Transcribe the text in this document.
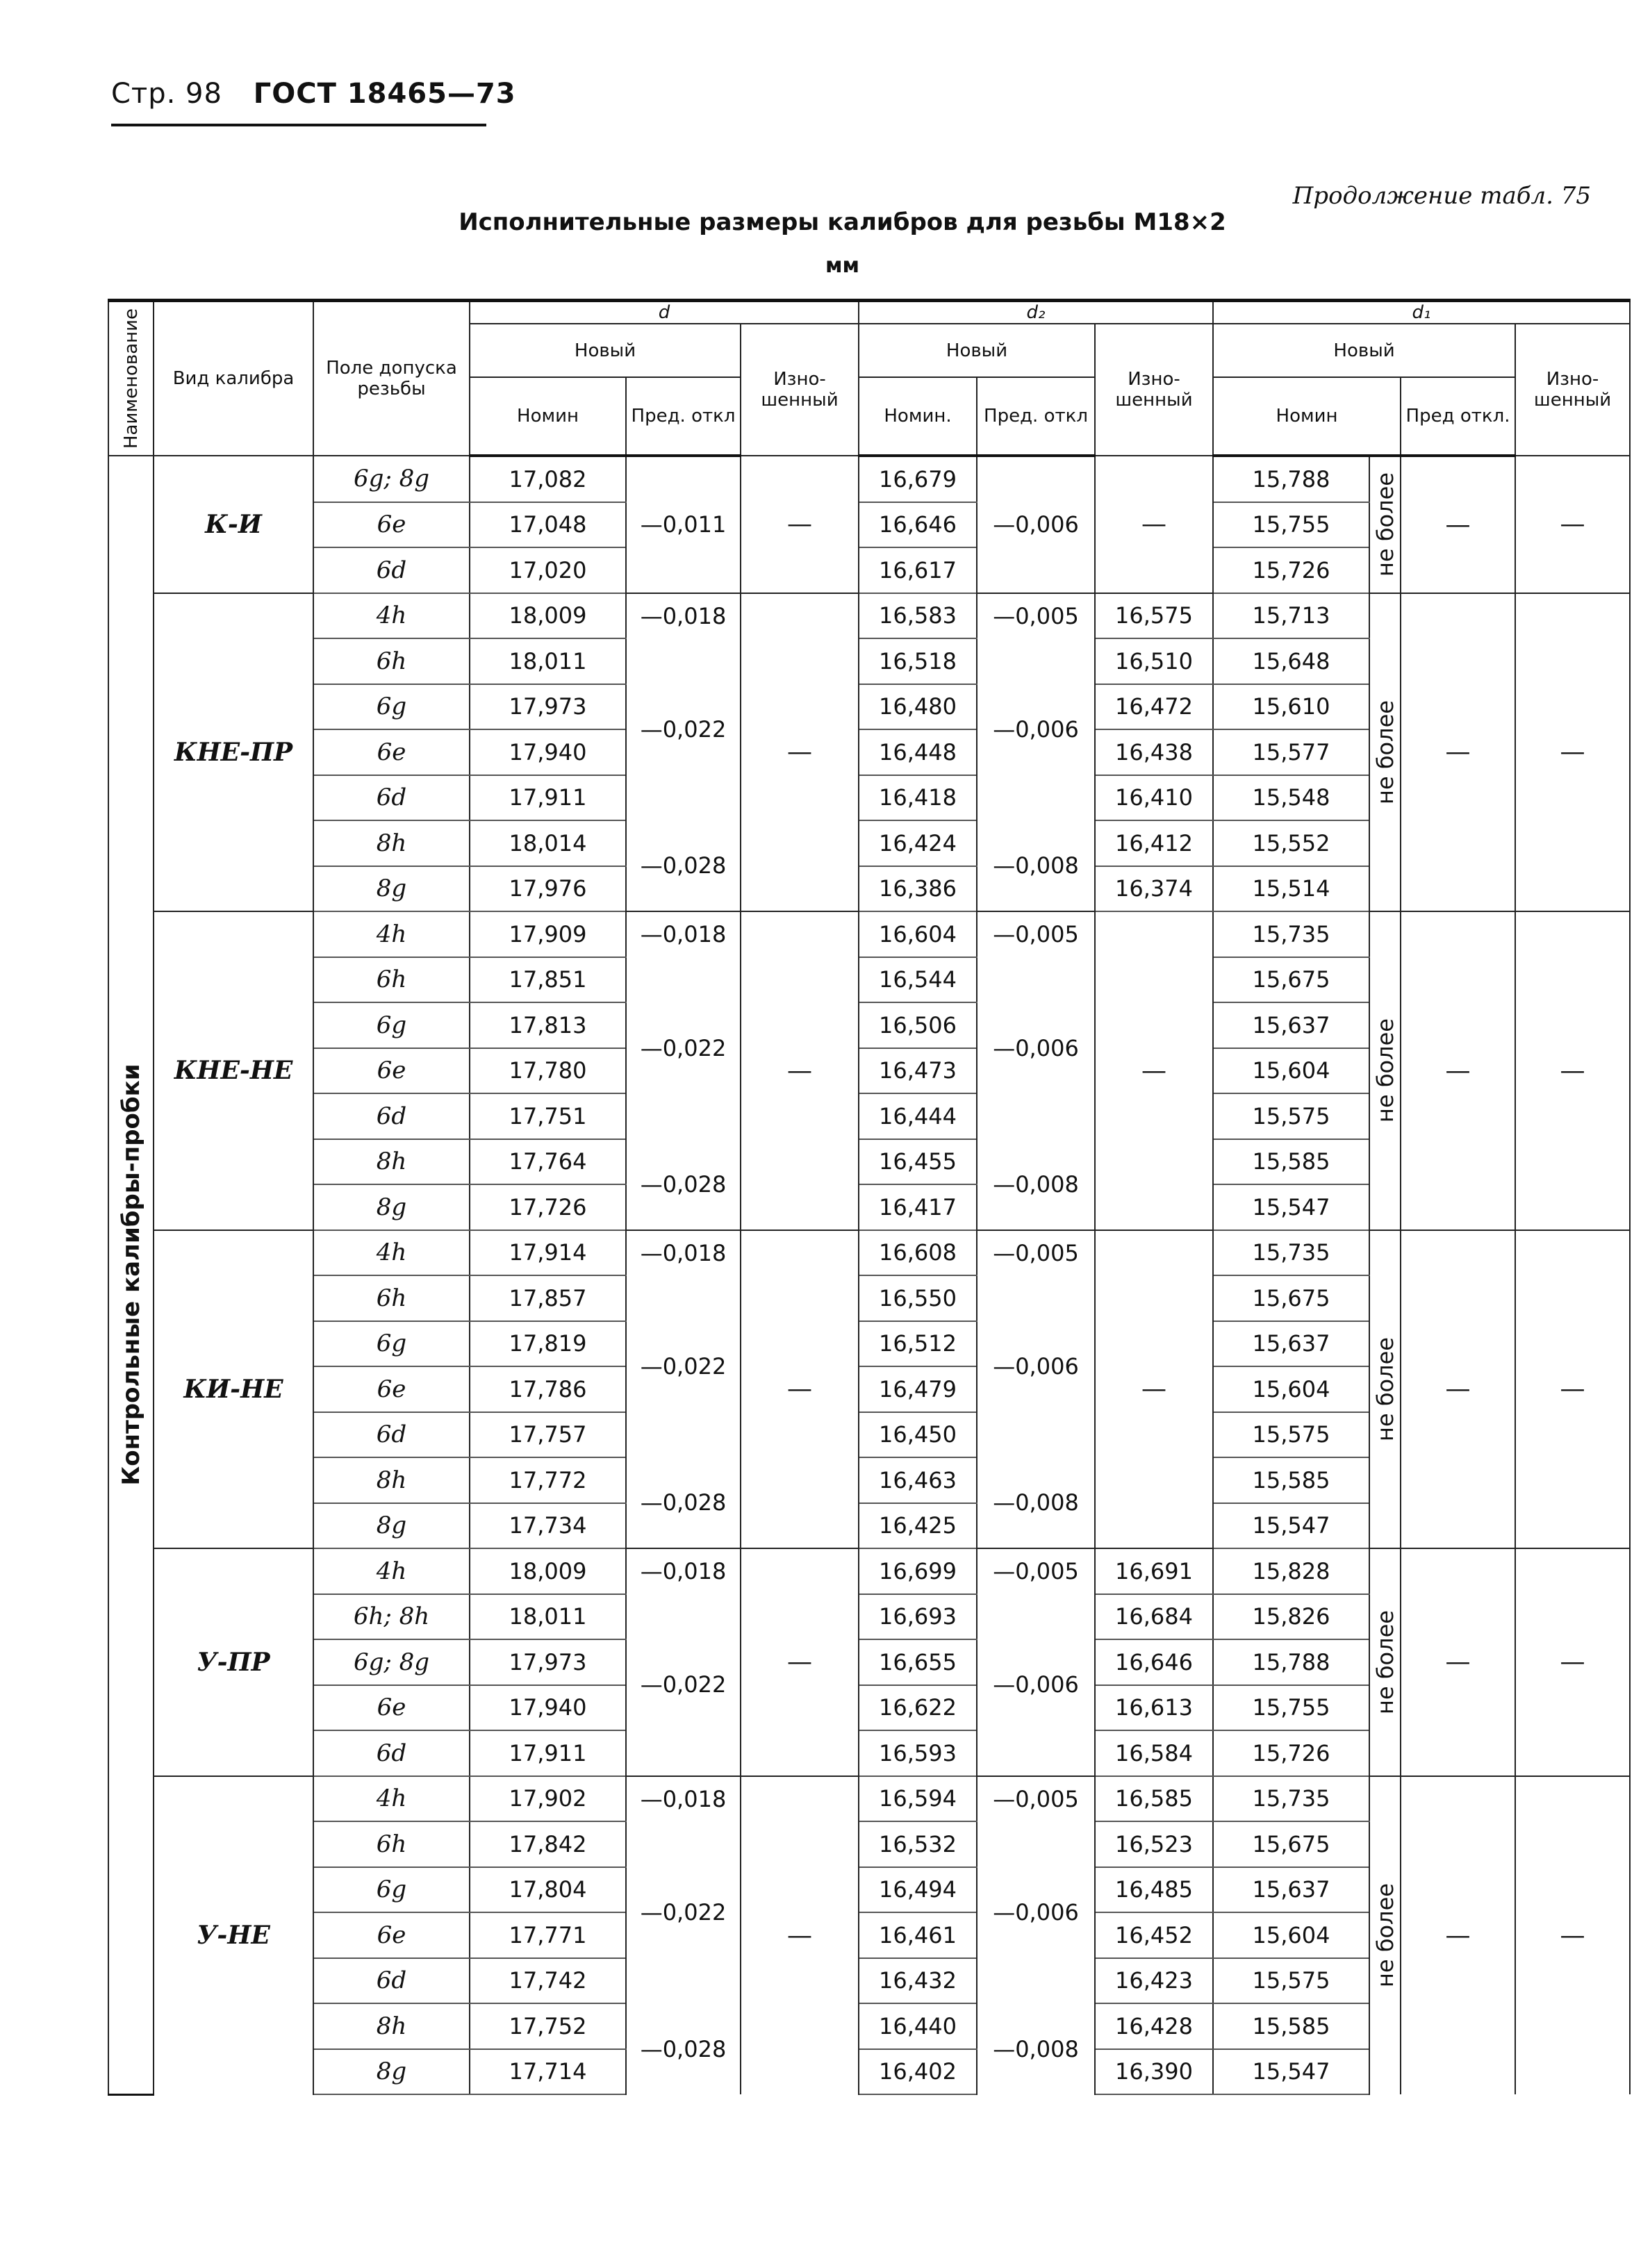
Стр. 98 ГОСТ 18465—73
Продолжение табл. 75
Исполнительные размеры калибров для резьбы М18×2
мм
Наименование	Вид калибра	Поле допуска резьбы	d			d₂			d₁			
			Новый		Изно-шенный	Новый		Изно-шенный	Новый			Изно-шенный
			Номин	Пред. откл		Номин.	Пред. откл		Номин		Пред откл.	

Контрольные калибры-пробки	К-И	6g; 8g	17,082	—0,011	—	16,679	—0,006	—	15,788	не более	—	—
		6e	17,048			16,646			15,755			
		6d	17,020			16,617			15,726			
	КНЕ-ПР	4h	18,009	—0,018	—	16,583	—0,005	16,575	15,713	не более	—	—
		6h	18,011	—0,022		16,518	—0,006	16,510	15,648			
		6g	17,973			16,480		16,472	15,610			
		6e	17,940			16,448		16,438	15,577			
		6d	17,911			16,418		16,410	15,548			
		8h	18,014	—0,028		16,424	—0,008	16,412	15,552			
		8g	17,976			16,386		16,374	15,514			
	КНЕ-НЕ	4h	17,909	—0,018	—	16,604	—0,005	—	15,735	не более	—	—
		6h	17,851	—0,022		16,544	—0,006		15,675			
		6g	17,813			16,506			15,637			
		6e	17,780			16,473			15,604			
		6d	17,751			16,444			15,575			
		8h	17,764	—0,028		16,455	—0,008		15,585			
		8g	17,726			16,417			15,547			
	КИ-НЕ	4h	17,914	—0,018	—	16,608	—0,005	—	15,735	не более	—	—
		6h	17,857	—0,022		16,550	—0,006		15,675			
		6g	17,819			16,512			15,637			
		6e	17,786			16,479			15,604			
		6d	17,757			16,450			15,575			
		8h	17,772	—0,028		16,463	—0,008		15,585			
		8g	17,734			16,425			15,547			
	У-ПР	4h	18,009	—0,018	—	16,699	—0,005	16,691	15,828	не более	—	—
		6h; 8h	18,011	—0,022		16,693	—0,006	16,684	15,826			
		6g; 8g	17,973			16,655		16,646	15,788			
		6e	17,940			16,622		16,613	15,755			
		6d	17,911			16,593		16,584	15,726			
	У-НЕ	4h	17,902	—0,018	—	16,594	—0,005	16,585	15,735	не более	—	—
		6h	17,842	—0,022		16,532	—0,006	16,523	15,675			
		6g	17,804			16,494		16,485	15,637			
		6e	17,771			16,461		16,452	15,604			
		6d	17,742			16,432		16,423	15,575			
		8h	17,752	—0,028		16,440	—0,008	16,428	15,585			
		8g	17,714			16,402		16,390	15,547			
